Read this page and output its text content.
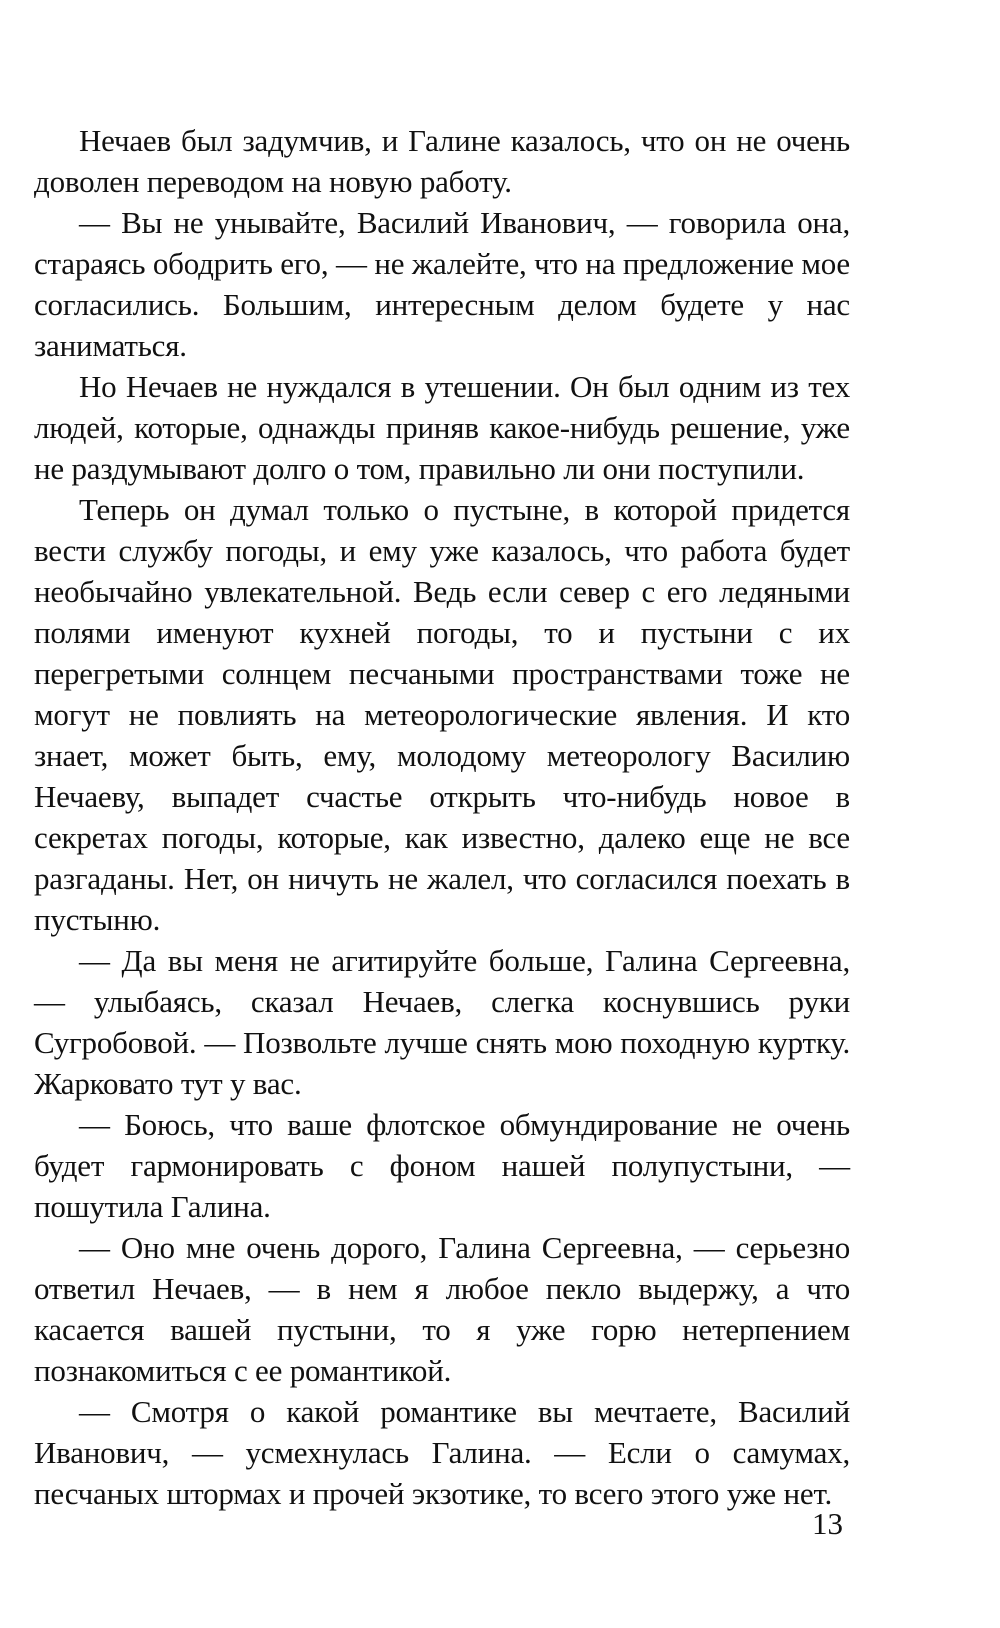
Нечаев был задумчив, и Галине казалось, что он не очень доволен переводом на новую работу.

— Вы не унывайте, Василий Иванович, — говорила она, стараясь ободрить его, — не жалейте, что на предложение мое согласились. Большим, интересным делом будете у нас заниматься.

Но Нечаев не нуждался в утешении. Он был одним из тех людей, которые, однажды приняв какое-нибудь решение, уже не раздумывают долго о том, правильно ли они поступили.

Теперь он думал только о пустыне, в которой придется вести службу погоды, и ему уже казалось, что работа будет необычайно увлекательной. Ведь если север с его ледяными полями именуют кухней погоды, то и пустыни с их перегретыми солнцем песчаными пространствами тоже не могут не повлиять на метеорологические явления. И кто знает, может быть, ему, молодому метеорологу Василию Нечаеву, выпадет счастье открыть что-нибудь новое в секретах погоды, которые, как известно, далеко еще не все разгаданы. Нет, он ничуть не жалел, что согласился поехать в пустыню.

— Да вы меня не агитируйте больше, Галина Сергеевна, — улыбаясь, сказал Нечаев, слегка коснувшись руки Сугробовой. — Позвольте лучше снять мою походную куртку. Жарковато тут у вас.

— Боюсь, что ваше флотское обмундирование не очень будет гармонировать с фоном нашей полупустыни, — пошутила Галина.

— Оно мне очень дорого, Галина Сергеевна, — серьезно ответил Нечаев, — в нем я любое пекло выдержу, а что касается вашей пустыни, то я уже горю нетерпением познакомиться с ее романтикой.

— Смотря о какой романтике вы мечтаете, Василий Иванович, — усмехнулась Галина. — Если о самумах, песчаных штормах и прочей экзотике, то всего этого уже нет.

13
